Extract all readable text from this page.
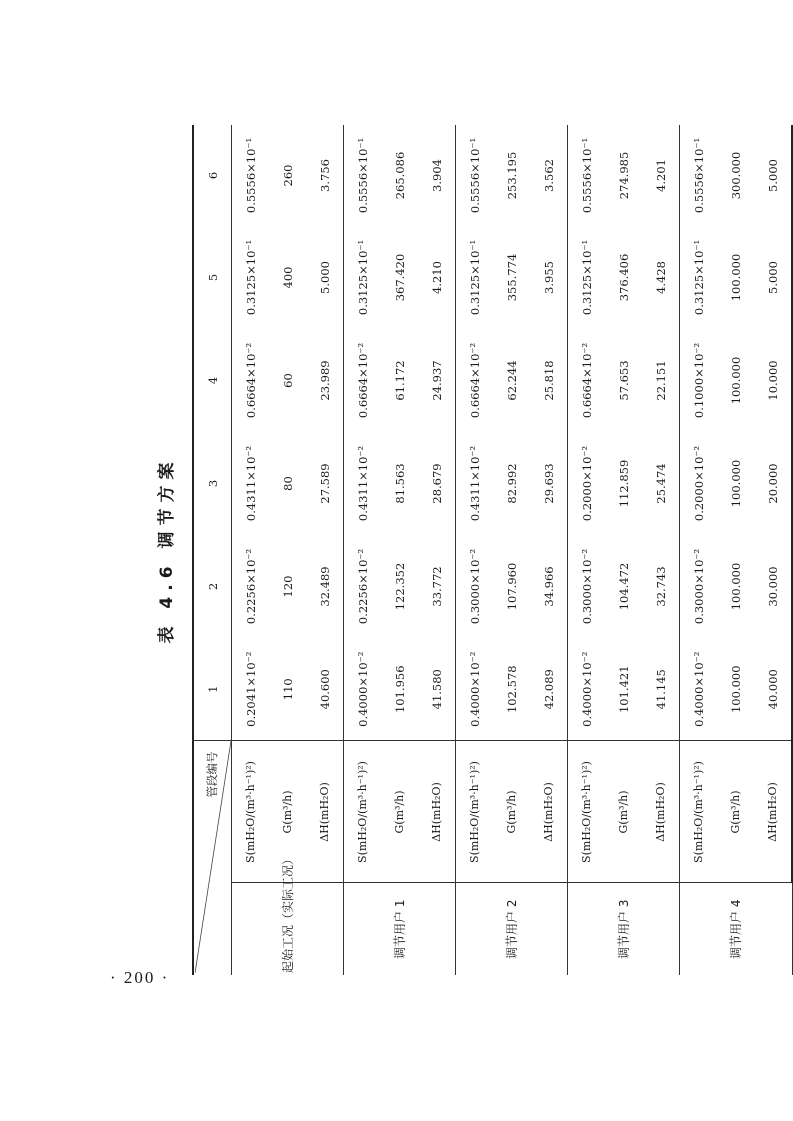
· 200 ·
表 4.6 调节方案
管段编号		1	2	3	4	5	6
起始工况（实际工况）	S(mH₂O/(m³·h⁻¹)²)	0.2041×10⁻²	0.2256×10⁻²	0.4311×10⁻²	0.6664×10⁻²	0.3125×10⁻¹	0.5556×10⁻¹
	G(m³/h)	110	120	80	60	400	260
	ΔH(mH₂O)	40.600	32.489	27.589	23.989	5.000	3.756
调节用户 1	S(mH₂O/(m³·h⁻¹)²)	0.4000×10⁻²	0.2256×10⁻²	0.4311×10⁻²	0.6664×10⁻²	0.3125×10⁻¹	0.5556×10⁻¹
	G(m³/h)	101.956	122.352	81.563	61.172	367.420	265.086
	ΔH(mH₂O)	41.580	33.772	28.679	24.937	4.210	3.904
调节用户 2	S(mH₂O/(m³·h⁻¹)²)	0.4000×10⁻²	0.3000×10⁻²	0.4311×10⁻²	0.6664×10⁻²	0.3125×10⁻¹	0.5556×10⁻¹
	G(m³/h)	102.578	107.960	82.992	62.244	355.774	253.195
	ΔH(mH₂O)	42.089	34.966	29.693	25.818	3.955	3.562
调节用户 3	S(mH₂O/(m³·h⁻¹)²)	0.4000×10⁻²	0.3000×10⁻²	0.2000×10⁻²	0.6664×10⁻²	0.3125×10⁻¹	0.5556×10⁻¹
	G(m³/h)	101.421	104.472	112.859	57.653	376.406	274.985
	ΔH(mH₂O)	41.145	32.743	25.474	22.151	4.428	4.201
调节用户 4	S(mH₂O/(m³·h⁻¹)²)	0.4000×10⁻²	0.3000×10⁻²	0.2000×10⁻²	0.1000×10⁻²	0.3125×10⁻¹	0.5556×10⁻¹
	G(m³/h)	100.000	100.000	100.000	100.000	100.000	300.000
	ΔH(mH₂O)	40.000	30.000	20.000	10.000	5.000	5.000
